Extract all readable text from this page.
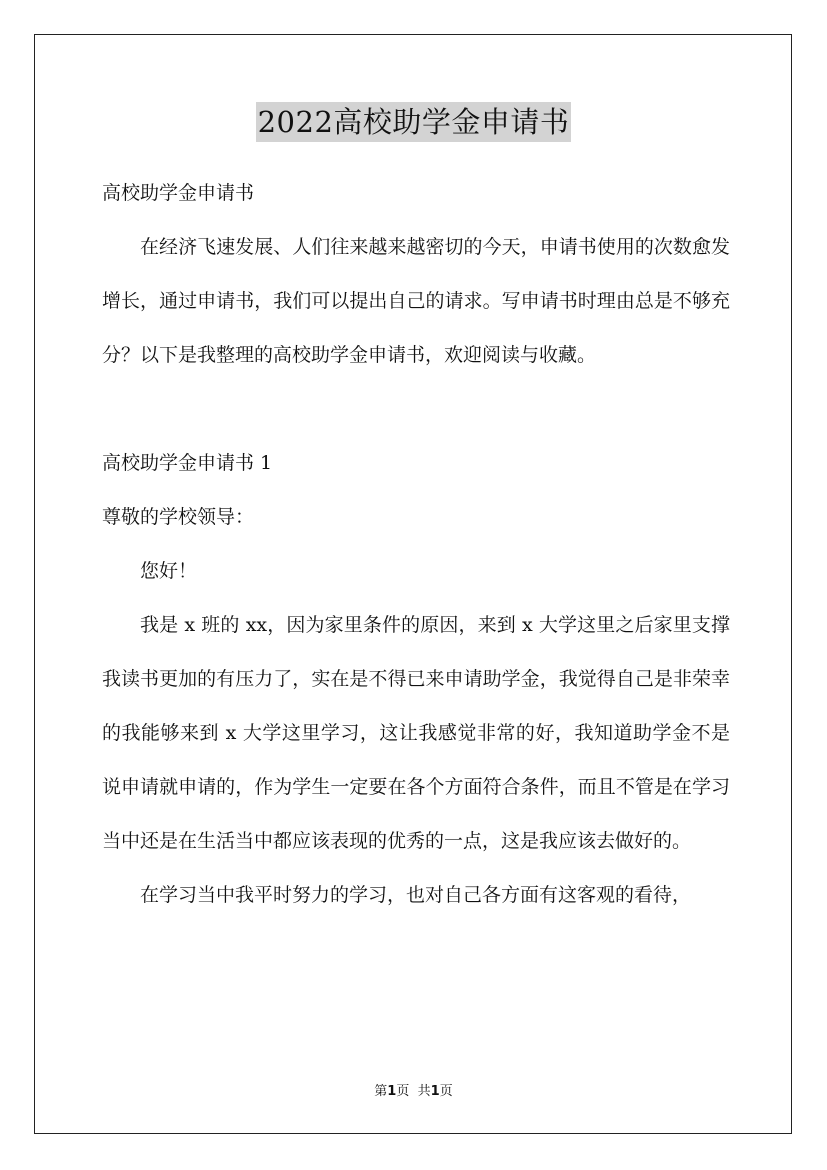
2022高校助学金申请书
高校助学金申请书

在经济飞速发展、人们往来越来越密切的今天，申请书使用的次数愈发增长，通过申请书，我们可以提出自己的请求。写申请书时理由总是不够充分？以下是我整理的高校助学金申请书，欢迎阅读与收藏。

高校助学金申请书 1
尊敬的学校领导：

您好！

我是 x 班的 xx，因为家里条件的原因，来到 x 大学这里之后家里支撑我读书更加的有压力了，实在是不得已来申请助学金，我觉得自己是非荣幸的我能够来到 x 大学这里学习，这让我感觉非常的好，我知道助学金不是说申请就申请的，作为学生一定要在各个方面符合条件，而且不管是在学习当中还是在生活当中都应该表现的优秀的一点，这是我应该去做好的。

在学习当中我平时努力的学习，也对自己各方面有这客观的看待，

第1页 共1页
